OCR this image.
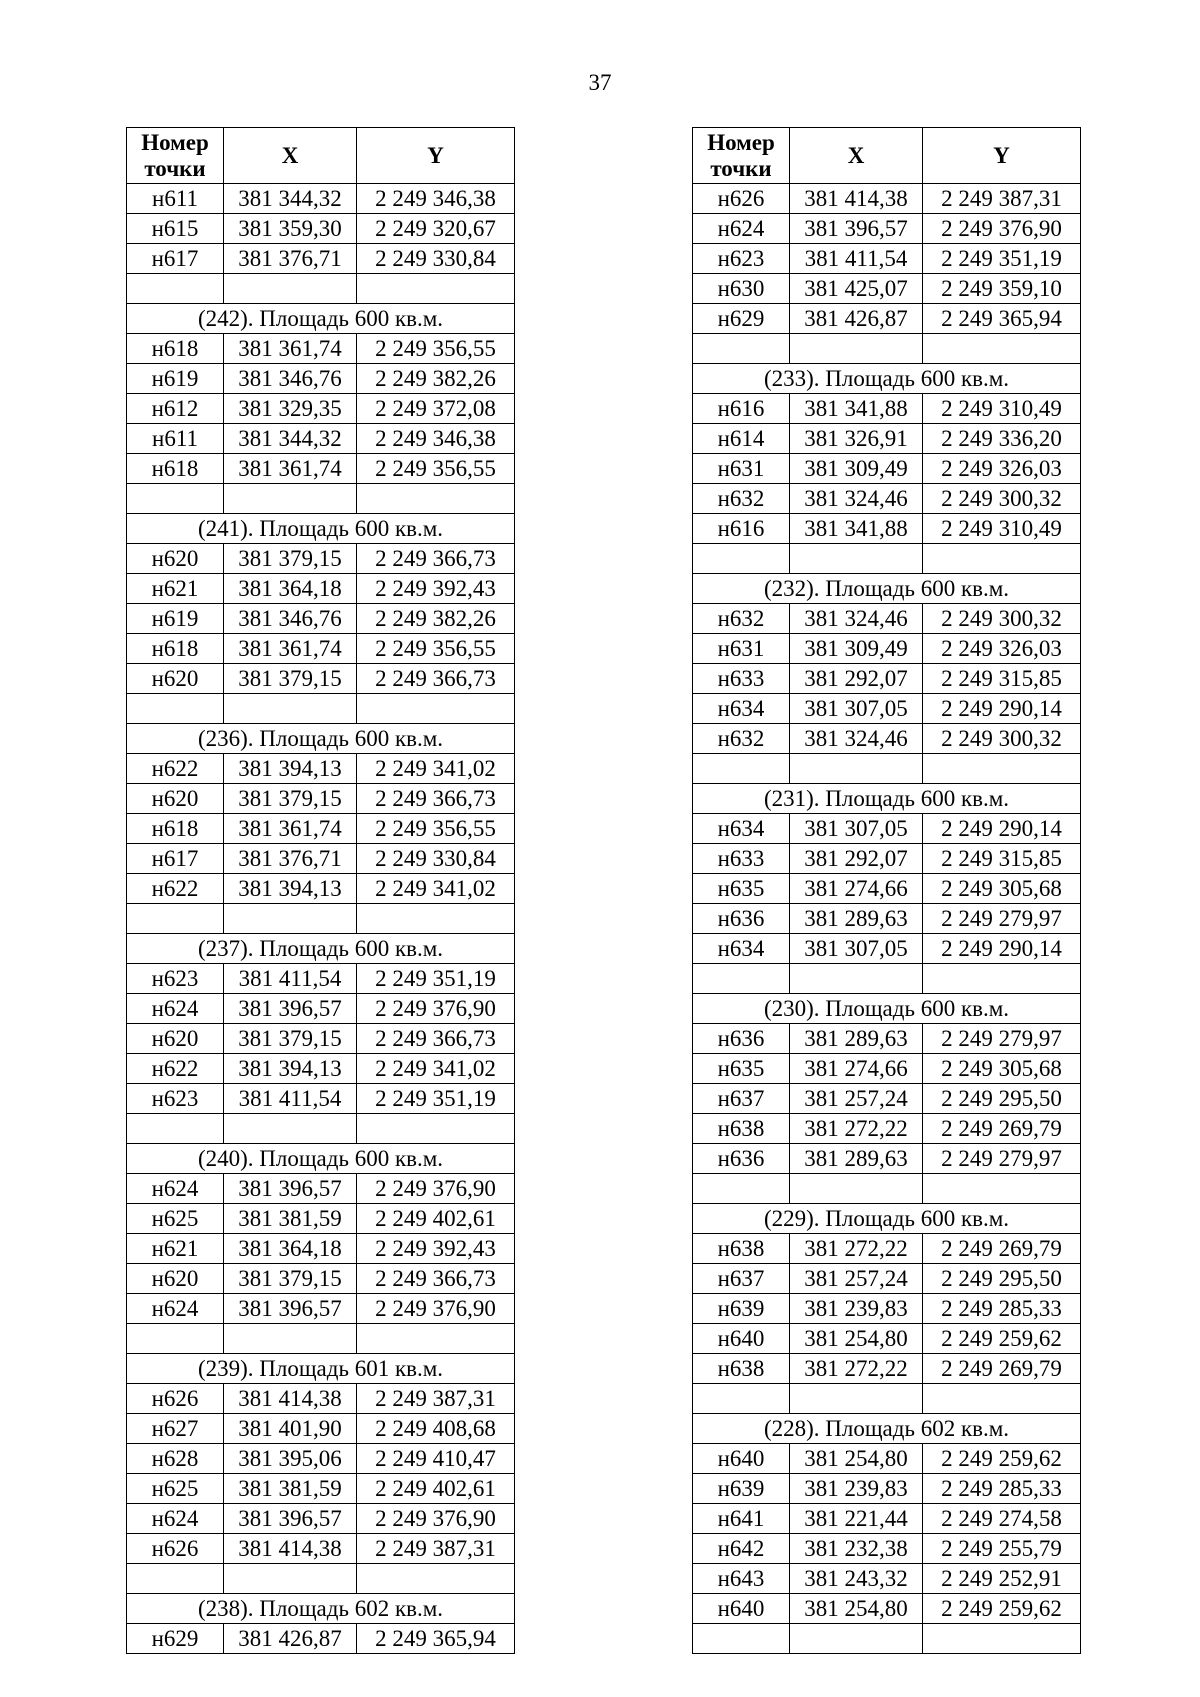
37
Номер
точки	X	Y
н611	381 344,32	2 249 346,38
н615	381 359,30	2 249 320,67
н617	381 376,71	2 249 330,84

(242). Площадь 600 кв.м.		
н618	381 361,74	2 249 356,55
н619	381 346,76	2 249 382,26
н612	381 329,35	2 249 372,08
н611	381 344,32	2 249 346,38
н618	381 361,74	2 249 356,55

(241). Площадь 600 кв.м.		
н620	381 379,15	2 249 366,73
н621	381 364,18	2 249 392,43
н619	381 346,76	2 249 382,26
н618	381 361,74	2 249 356,55
н620	381 379,15	2 249 366,73

(236). Площадь 600 кв.м.		
н622	381 394,13	2 249 341,02
н620	381 379,15	2 249 366,73
н618	381 361,74	2 249 356,55
н617	381 376,71	2 249 330,84
н622	381 394,13	2 249 341,02

(237). Площадь 600 кв.м.		
н623	381 411,54	2 249 351,19
н624	381 396,57	2 249 376,90
н620	381 379,15	2 249 366,73
н622	381 394,13	2 249 341,02
н623	381 411,54	2 249 351,19

(240). Площадь 600 кв.м.		
н624	381 396,57	2 249 376,90
н625	381 381,59	2 249 402,61
н621	381 364,18	2 249 392,43
н620	381 379,15	2 249 366,73
н624	381 396,57	2 249 376,90

(239). Площадь 601 кв.м.		
н626	381 414,38	2 249 387,31
н627	381 401,90	2 249 408,68
н628	381 395,06	2 249 410,47
н625	381 381,59	2 249 402,61
н624	381 396,57	2 249 376,90
н626	381 414,38	2 249 387,31

(238). Площадь 602 кв.м.		
н629	381 426,87	2 249 365,94
Номер
точки	X	Y
н626	381 414,38	2 249 387,31
н624	381 396,57	2 249 376,90
н623	381 411,54	2 249 351,19
н630	381 425,07	2 249 359,10
н629	381 426,87	2 249 365,94

(233). Площадь 600 кв.м.		
н616	381 341,88	2 249 310,49
н614	381 326,91	2 249 336,20
н631	381 309,49	2 249 326,03
н632	381 324,46	2 249 300,32
н616	381 341,88	2 249 310,49

(232). Площадь 600 кв.м.		
н632	381 324,46	2 249 300,32
н631	381 309,49	2 249 326,03
н633	381 292,07	2 249 315,85
н634	381 307,05	2 249 290,14
н632	381 324,46	2 249 300,32

(231). Площадь 600 кв.м.		
н634	381 307,05	2 249 290,14
н633	381 292,07	2 249 315,85
н635	381 274,66	2 249 305,68
н636	381 289,63	2 249 279,97
н634	381 307,05	2 249 290,14

(230). Площадь 600 кв.м.		
н636	381 289,63	2 249 279,97
н635	381 274,66	2 249 305,68
н637	381 257,24	2 249 295,50
н638	381 272,22	2 249 269,79
н636	381 289,63	2 249 279,97

(229). Площадь 600 кв.м.		
н638	381 272,22	2 249 269,79
н637	381 257,24	2 249 295,50
н639	381 239,83	2 249 285,33
н640	381 254,80	2 249 259,62
н638	381 272,22	2 249 269,79

(228). Площадь 602 кв.м.		
н640	381 254,80	2 249 259,62
н639	381 239,83	2 249 285,33
н641	381 221,44	2 249 274,58
н642	381 232,38	2 249 255,79
н643	381 243,32	2 249 252,91
н640	381 254,80	2 249 259,62
